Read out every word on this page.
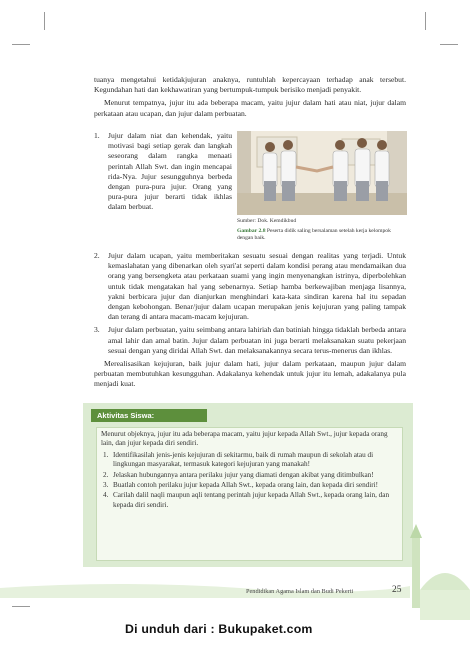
tuanya mengetahui ketidakjujuran anaknya, runtuhlah kepercayaan terhadap anak tersebut. Kegundahan hati dan kekhawatiran yang bertumpuk-tumpuk berisiko menjadi penyakit.

Menurut tempatnya, jujur itu ada beberapa macam, yaitu jujur dalam hati atau niat, jujur dalam perkataan atau ucapan, dan jujur dalam perbuatan.

1. Jujur dalam niat dan kehendak, yaitu motivasi bagi setiap gerak dan langkah seseorang dalam rangka menaati perintah Allah Swt. dan ingin mencapai rida-Nya. Jujur sesungguhnya berbeda dengan pura-pura jujur. Orang yang pura-pura jujur berarti tidak ikhlas dalam berbuat.
Sumber: Dok. Kemdikbud
Gambar 2.8 Peserta didik saling bersalaman setelah kerja kelompok dengan baik.
2. Jujur dalam ucapan, yaitu memberitakan sesuatu sesuai dengan realitas yang terjadi. Untuk kemaslahatan yang dibenarkan oleh syari'at seperti dalam kondisi perang atau mendamaikan dua orang yang bersengketa atau perkataan suami yang ingin menyenangkan istrinya, diperbolehkan untuk tidak mengatakan hal yang sebenarnya. Setiap hamba berkewajiban menjaga lisannya, yakni berbicara jujur dan dianjurkan menghindari kata-kata sindiran karena hal itu sepadan dengan kebohongan. Benar/jujur dalam ucapan merupakan jenis kejujuran yang paling tampak dan terang di antara macam-macam kejujuran.
3. Jujur dalam perbuatan, yaitu seimbang antara lahiriah dan batiniah hingga tidaklah berbeda antara amal lahir dan amal batin. Jujur dalam perbuatan ini juga berarti melaksanakan suatu pekerjaan sesuai dengan yang diridai Allah Swt. dan melaksanakannya secara terus-menerus dan ikhlas.

Merealisasikan kejujuran, baik jujur dalam hati, jujur dalam perkataan, maupun jujur dalam perbuatan membutuhkan kesungguhan. Adakalanya kehendak untuk jujur itu lemah, adakalanya pula menjadi kuat.

Aktivitas Siswa:

Menurut objeknya, jujur itu ada beberapa macam, yaitu jujur kepada Allah Swt., jujur kepada orang lain, dan jujur kepada diri sendiri.

1. Identifikasilah jenis-jenis kejujuran di sekitarmu, baik di rumah maupun di sekolah atau di lingkungan masyarakat, termasuk kategori kejujuran yang manakah!
2. Jelaskan hubungannya antara perilaku jujur yang diamati dengan akibat yang ditimbulkan!
3. Buatlah contoh perilaku jujur kepada Allah Swt., kepada orang lain, dan kepada diri sendiri!
4. Carilah dalil naqli maupun aqli tentang perintah jujur kepada Allah Swt., kepada orang lain, dan kepada diri sendiri.
Pendidikan Agama Islam dan Budi Pekerti	25
Di unduh dari : Bukupaket.com
